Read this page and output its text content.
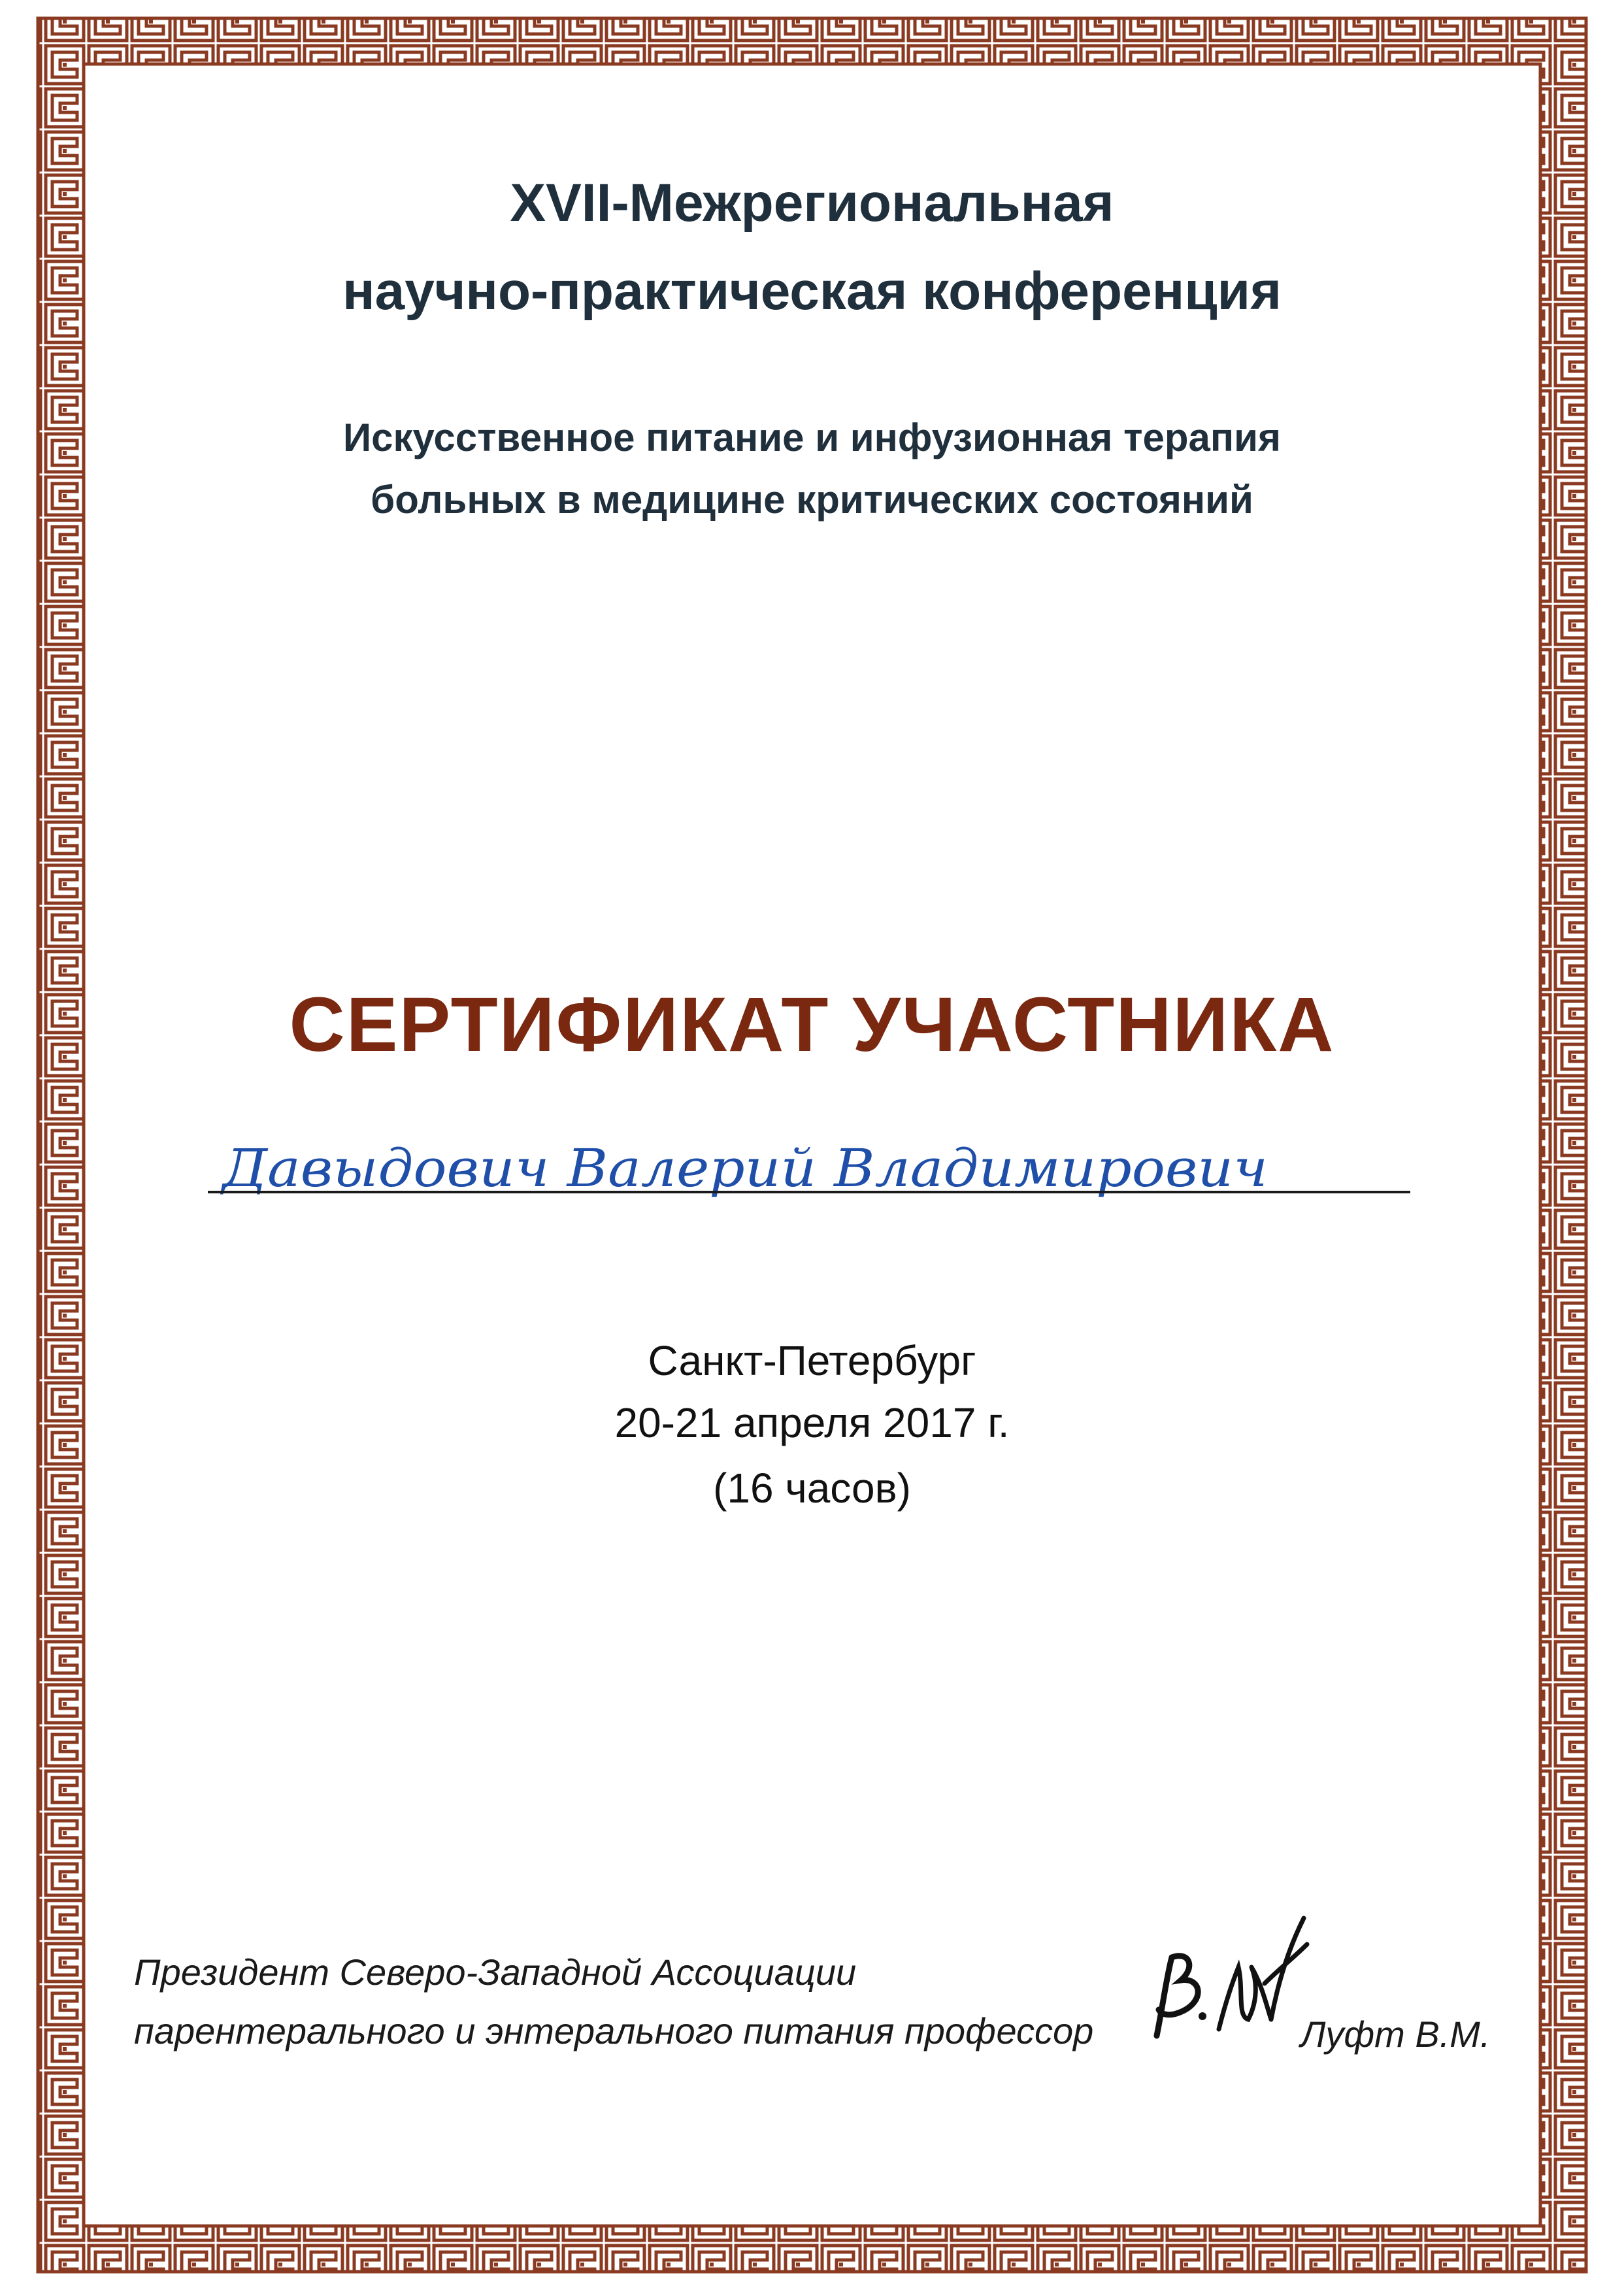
XVII-Межрегиональная
научно-практическая конференция
Искусственное питание и инфузионная терапия
больных в медицине критических состояний
СЕРТИФИКАТ УЧАСТНИКА
Давыдович Валерий Владимирович
Санкт-Петербург
20-21 апреля 2017 г.
(16 часов)
Президент Северо-Западной Ассоциации
парентерального и энтерального питания профессор	Луфт В.М.
